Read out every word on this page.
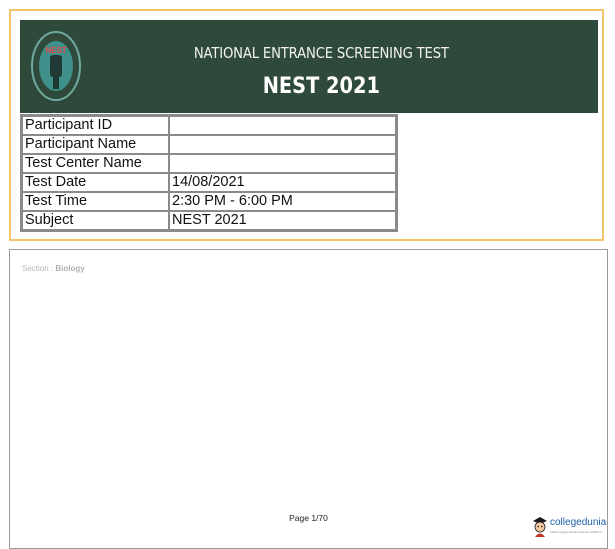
NEST	NATIONAL ENTRANCE SCREENING TEST
NEST 2021
Participant ID	
Participant Name	
Test Center Name	
Test Date	14/08/2021
Test Time	2:30 PM - 6:00 PM
Subject	NEST 2021
Section : Biology
Page 1/70	collegedunia
India's largest Student Review Platform
